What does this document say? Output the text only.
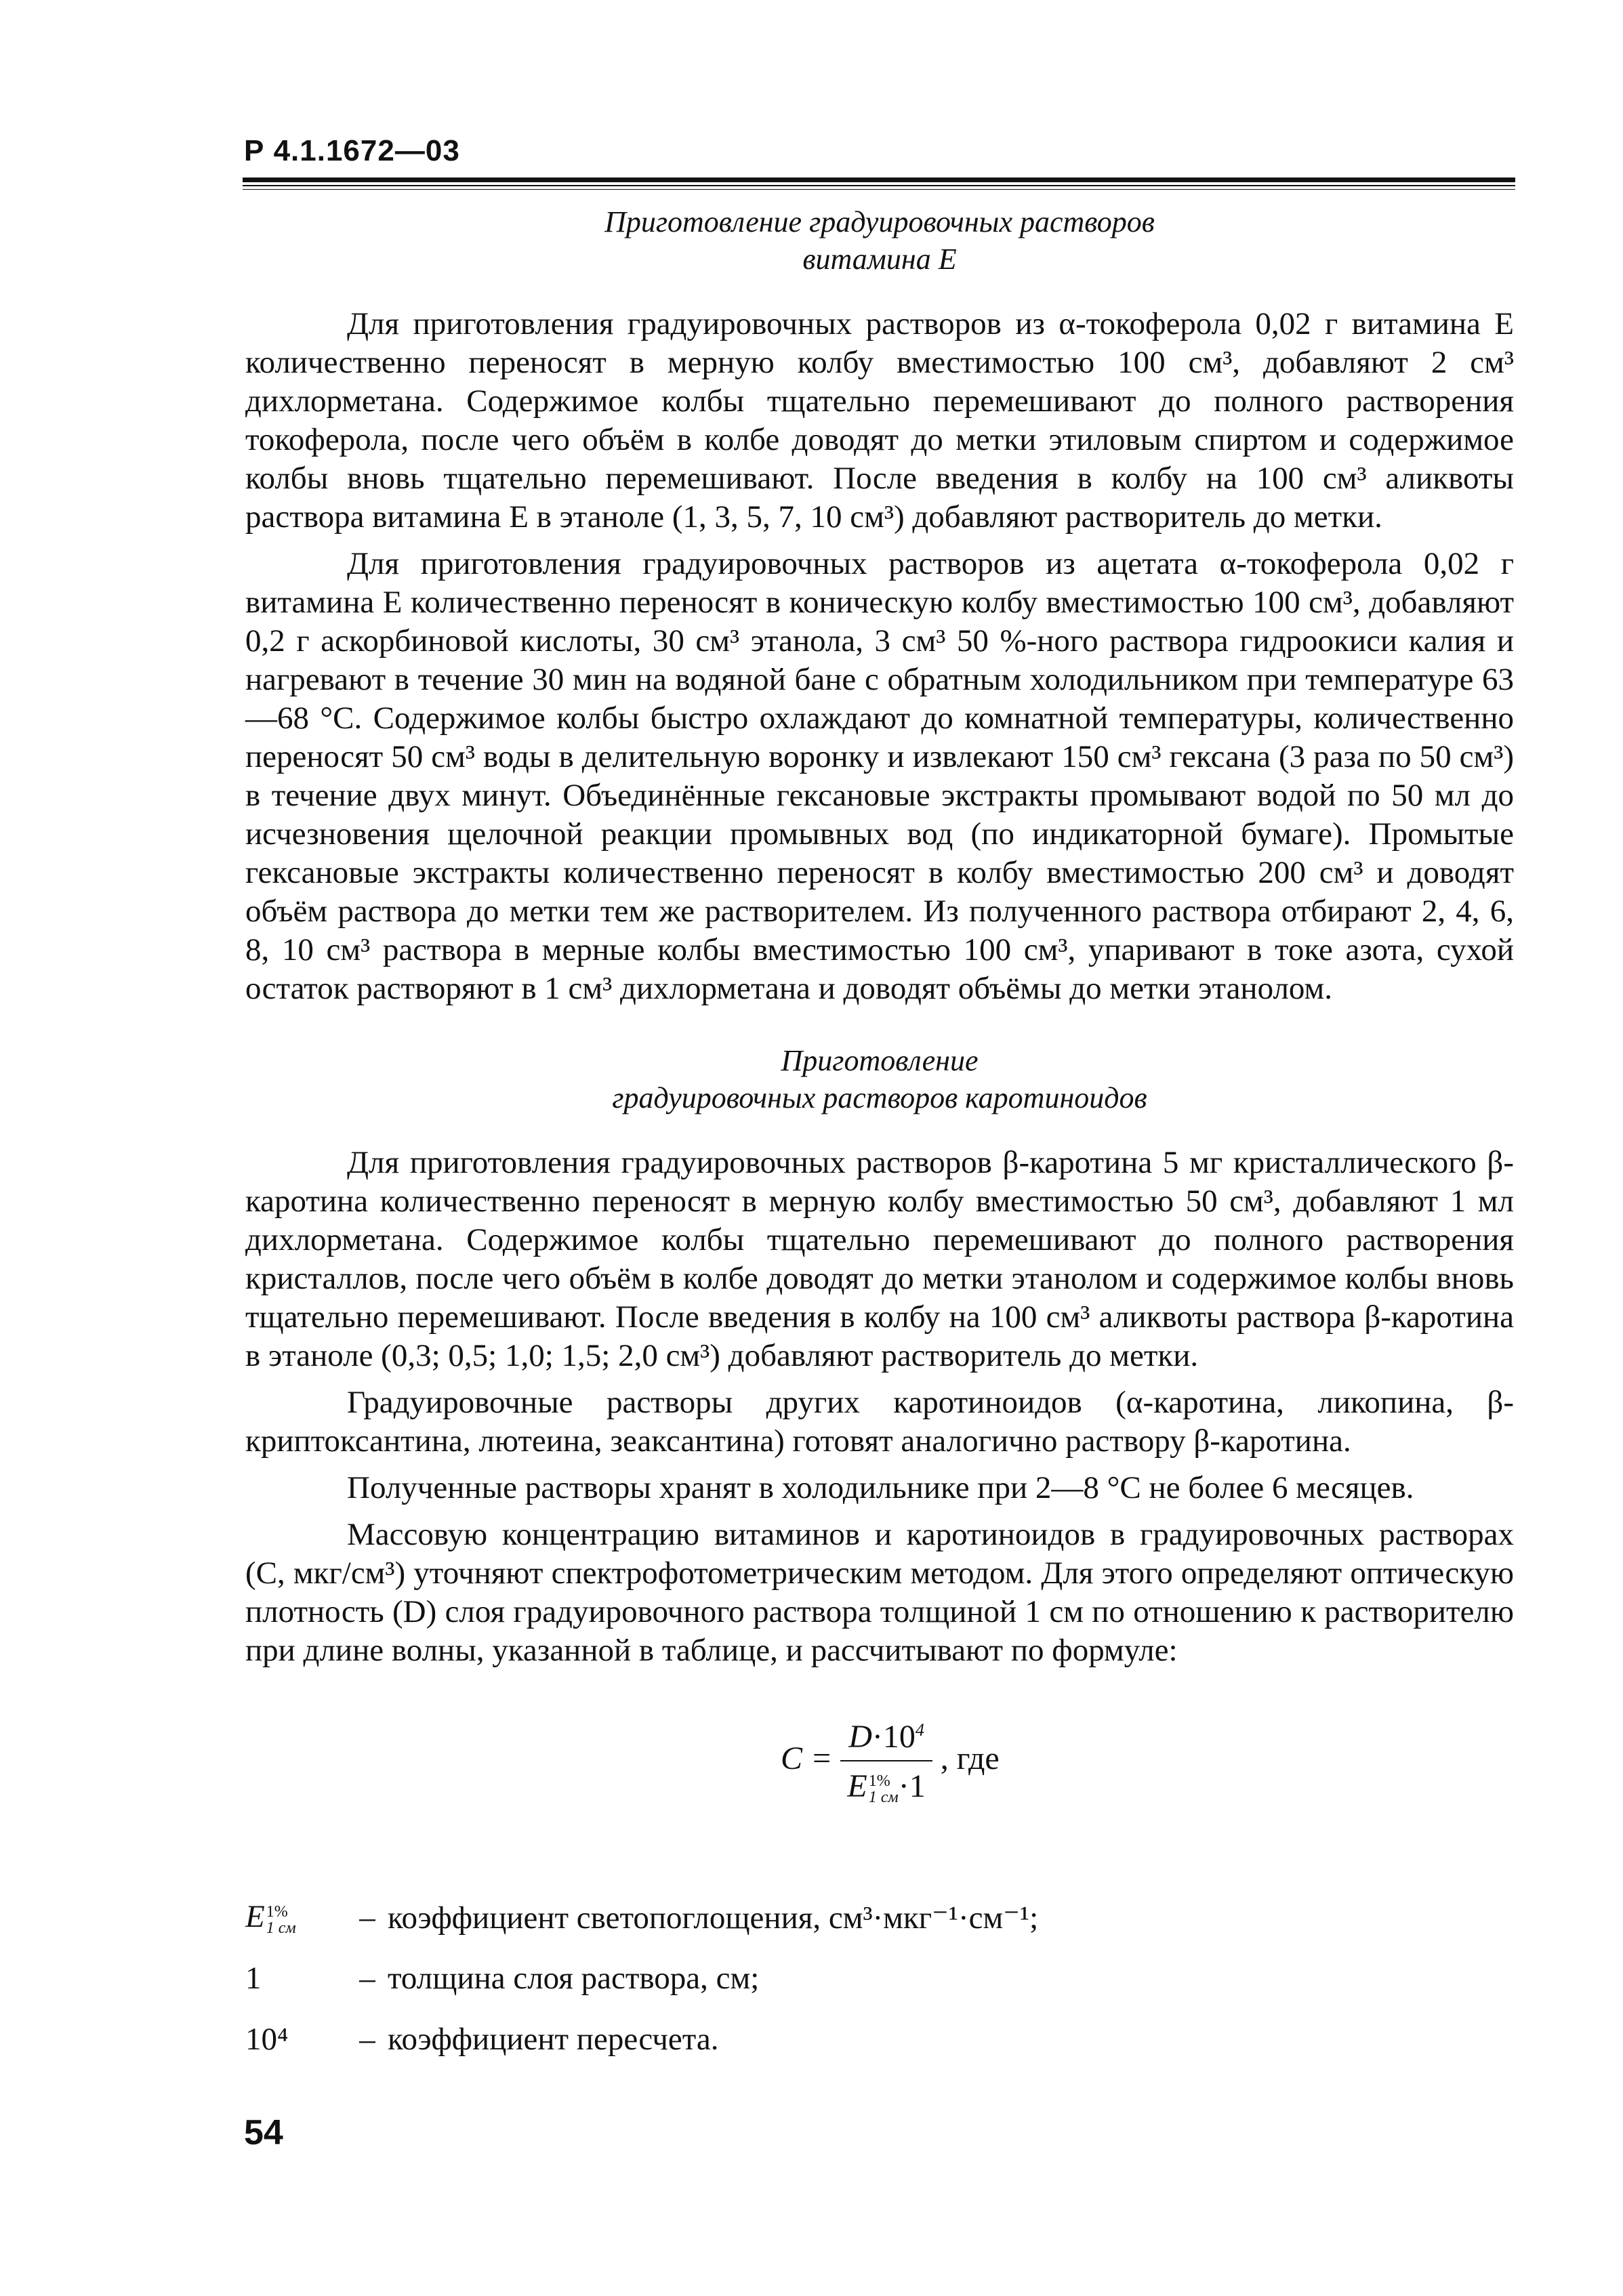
Р 4.1.1672—03
Приготовление градуировочных растворов
витамина Е

Для приготовления градуировочных растворов из α-токоферола 0,02 г витамина Е количественно переносят в мерную колбу вместимостью 100 см³, добавляют 2 см³ дихлорметана. Содержимое колбы тщательно перемешивают до полного растворения токоферола, после чего объём в колбе доводят до метки этиловым спиртом и содержимое колбы вновь тщательно перемешивают. После введения в колбу на 100 см³ аликвоты раствора витамина Е в этаноле (1, 3, 5, 7, 10 см³) добавляют растворитель до метки.

Для приготовления градуировочных растворов из ацетата α-токоферола 0,02 г витамина Е количественно переносят в коническую колбу вместимостью 100 см³, добавляют 0,2 г аскорбиновой кислоты, 30 см³ этанола, 3 см³ 50 %-ного раствора гидроокиси калия и нагревают в течение 30 мин на водяной бане с обратным холодильником при температуре 63—68 °С. Содержимое колбы быстро охлаждают до комнатной температуры, количественно переносят 50 см³ воды в делительную воронку и извлекают 150 см³ гексана (3 раза по 50 см³) в течение двух минут. Объединённые гексановые экстракты промывают водой по 50 мл до исчезновения щелочной реакции промывных вод (по индикаторной бумаге). Промытые гексановые экстракты количественно переносят в колбу вместимостью 200 см³ и доводят объём раствора до метки тем же растворителем. Из полученного раствора отбирают 2, 4, 6, 8, 10 см³ раствора в мерные колбы вместимостью 100 см³, упаривают в токе азота, сухой остаток растворяют в 1 см³ дихлорметана и доводят объёмы до метки этанолом.

Приготовление
градуировочных растворов каротиноидов

Для приготовления градуировочных растворов β-каротина 5 мг кристаллического β-каротина количественно переносят в мерную колбу вместимостью 50 см³, добавляют 1 мл дихлорметана. Содержимое колбы тщательно перемешивают до полного растворения кристаллов, после чего объём в колбе доводят до метки этанолом и содержимое колбы вновь тщательно перемешивают. После введения в колбу на 100 см³ аликвоты раствора β-каротина в этаноле (0,3; 0,5; 1,0; 1,5; 2,0 см³) добавляют растворитель до метки.

Градуировочные растворы других каротиноидов (α-каротина, ликопина, β-криптоксантина, лютеина, зеаксантина) готовят аналогично раствору β-каротина.

Полученные растворы хранят в холодильнике при 2—8 °С не более 6 месяцев.

Массовую концентрацию витаминов и каротиноидов в градуировочных растворах (C, мкг/см³) уточняют спектрофотометрическим методом. Для этого определяют оптическую плотность (D) слоя градуировочного раствора толщиной 1 см по отношению к растворителю при длине волны, указанной в таблице, и рассчитывают по формуле:

$C = D\cdot 10^4$
E 1%
1 см ·1 , где
E 1%
1 см	– коэффициент светопоглощения, см³·мкг⁻¹·см⁻¹;
1	– толщина слоя раствора, см;
10⁴	– коэффициент пересчета.
54
